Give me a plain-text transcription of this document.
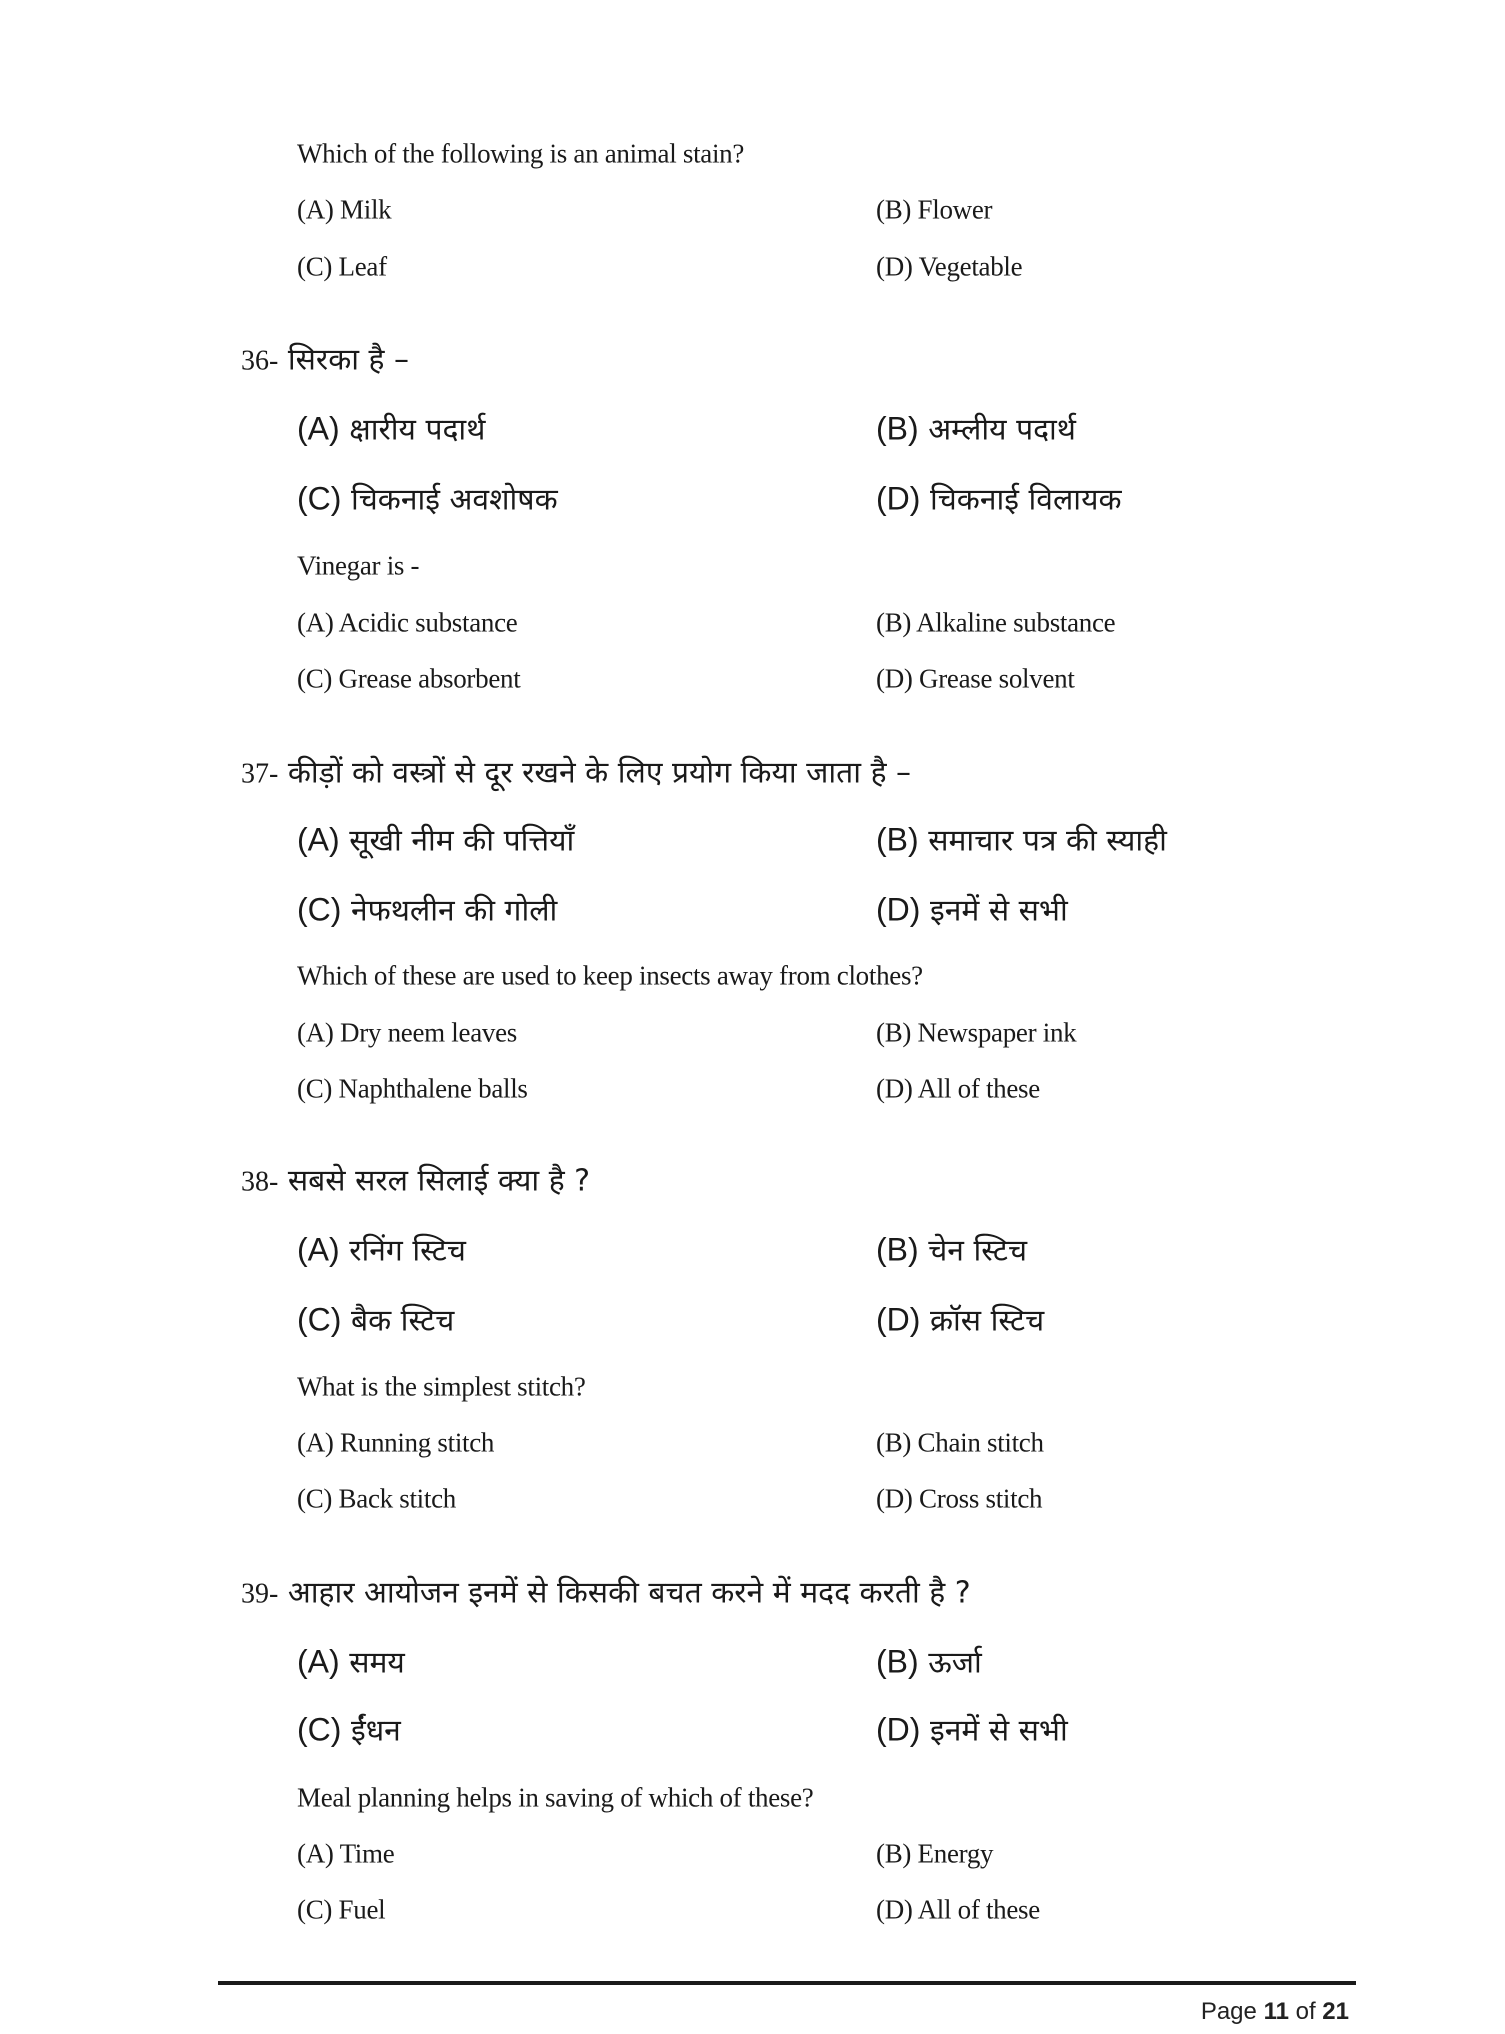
Which of the following is an animal stain?
(A) Milk	(B) Flower
(C) Leaf	(D) Vegetable
36- सिरका है –
(A) क्षारीय पदार्थ	(B) अम्लीय पदार्थ
(C) चिकनाई अवशोषक	(D) चिकनाई विलायक
Vinegar is -
(A) Acidic substance	(B) Alkaline substance
(C) Grease absorbent	(D) Grease solvent
37- कीड़ों को वस्त्रों से दूर रखने के लिए प्रयोग किया जाता है –
(A) सूखी नीम की पत्तियाँ	(B) समाचार पत्र की स्याही
(C) नेफथलीन की गोली	(D) इनमें से सभी
Which of these are used to keep insects away from clothes?
(A) Dry neem leaves	(B) Newspaper ink
(C) Naphthalene balls	(D) All of these
38- सबसे सरल सिलाई क्या है ?
(A) रनिंग स्टिच	(B) चेन स्टिच
(C) बैक स्टिच	(D) क्रॉस स्टिच
What is the simplest stitch?
(A) Running stitch	(B) Chain stitch
(C) Back stitch	(D) Cross stitch
39- आहार आयोजन इनमें से किसकी बचत करने में मदद करती है ?
(A) समय	(B) ऊर्जा
(C) ईंधन	(D) इनमें से सभी
Meal planning helps in saving of which of these?
(A) Time	(B) Energy
(C) Fuel	(D) All of these
Page 11 of 21
